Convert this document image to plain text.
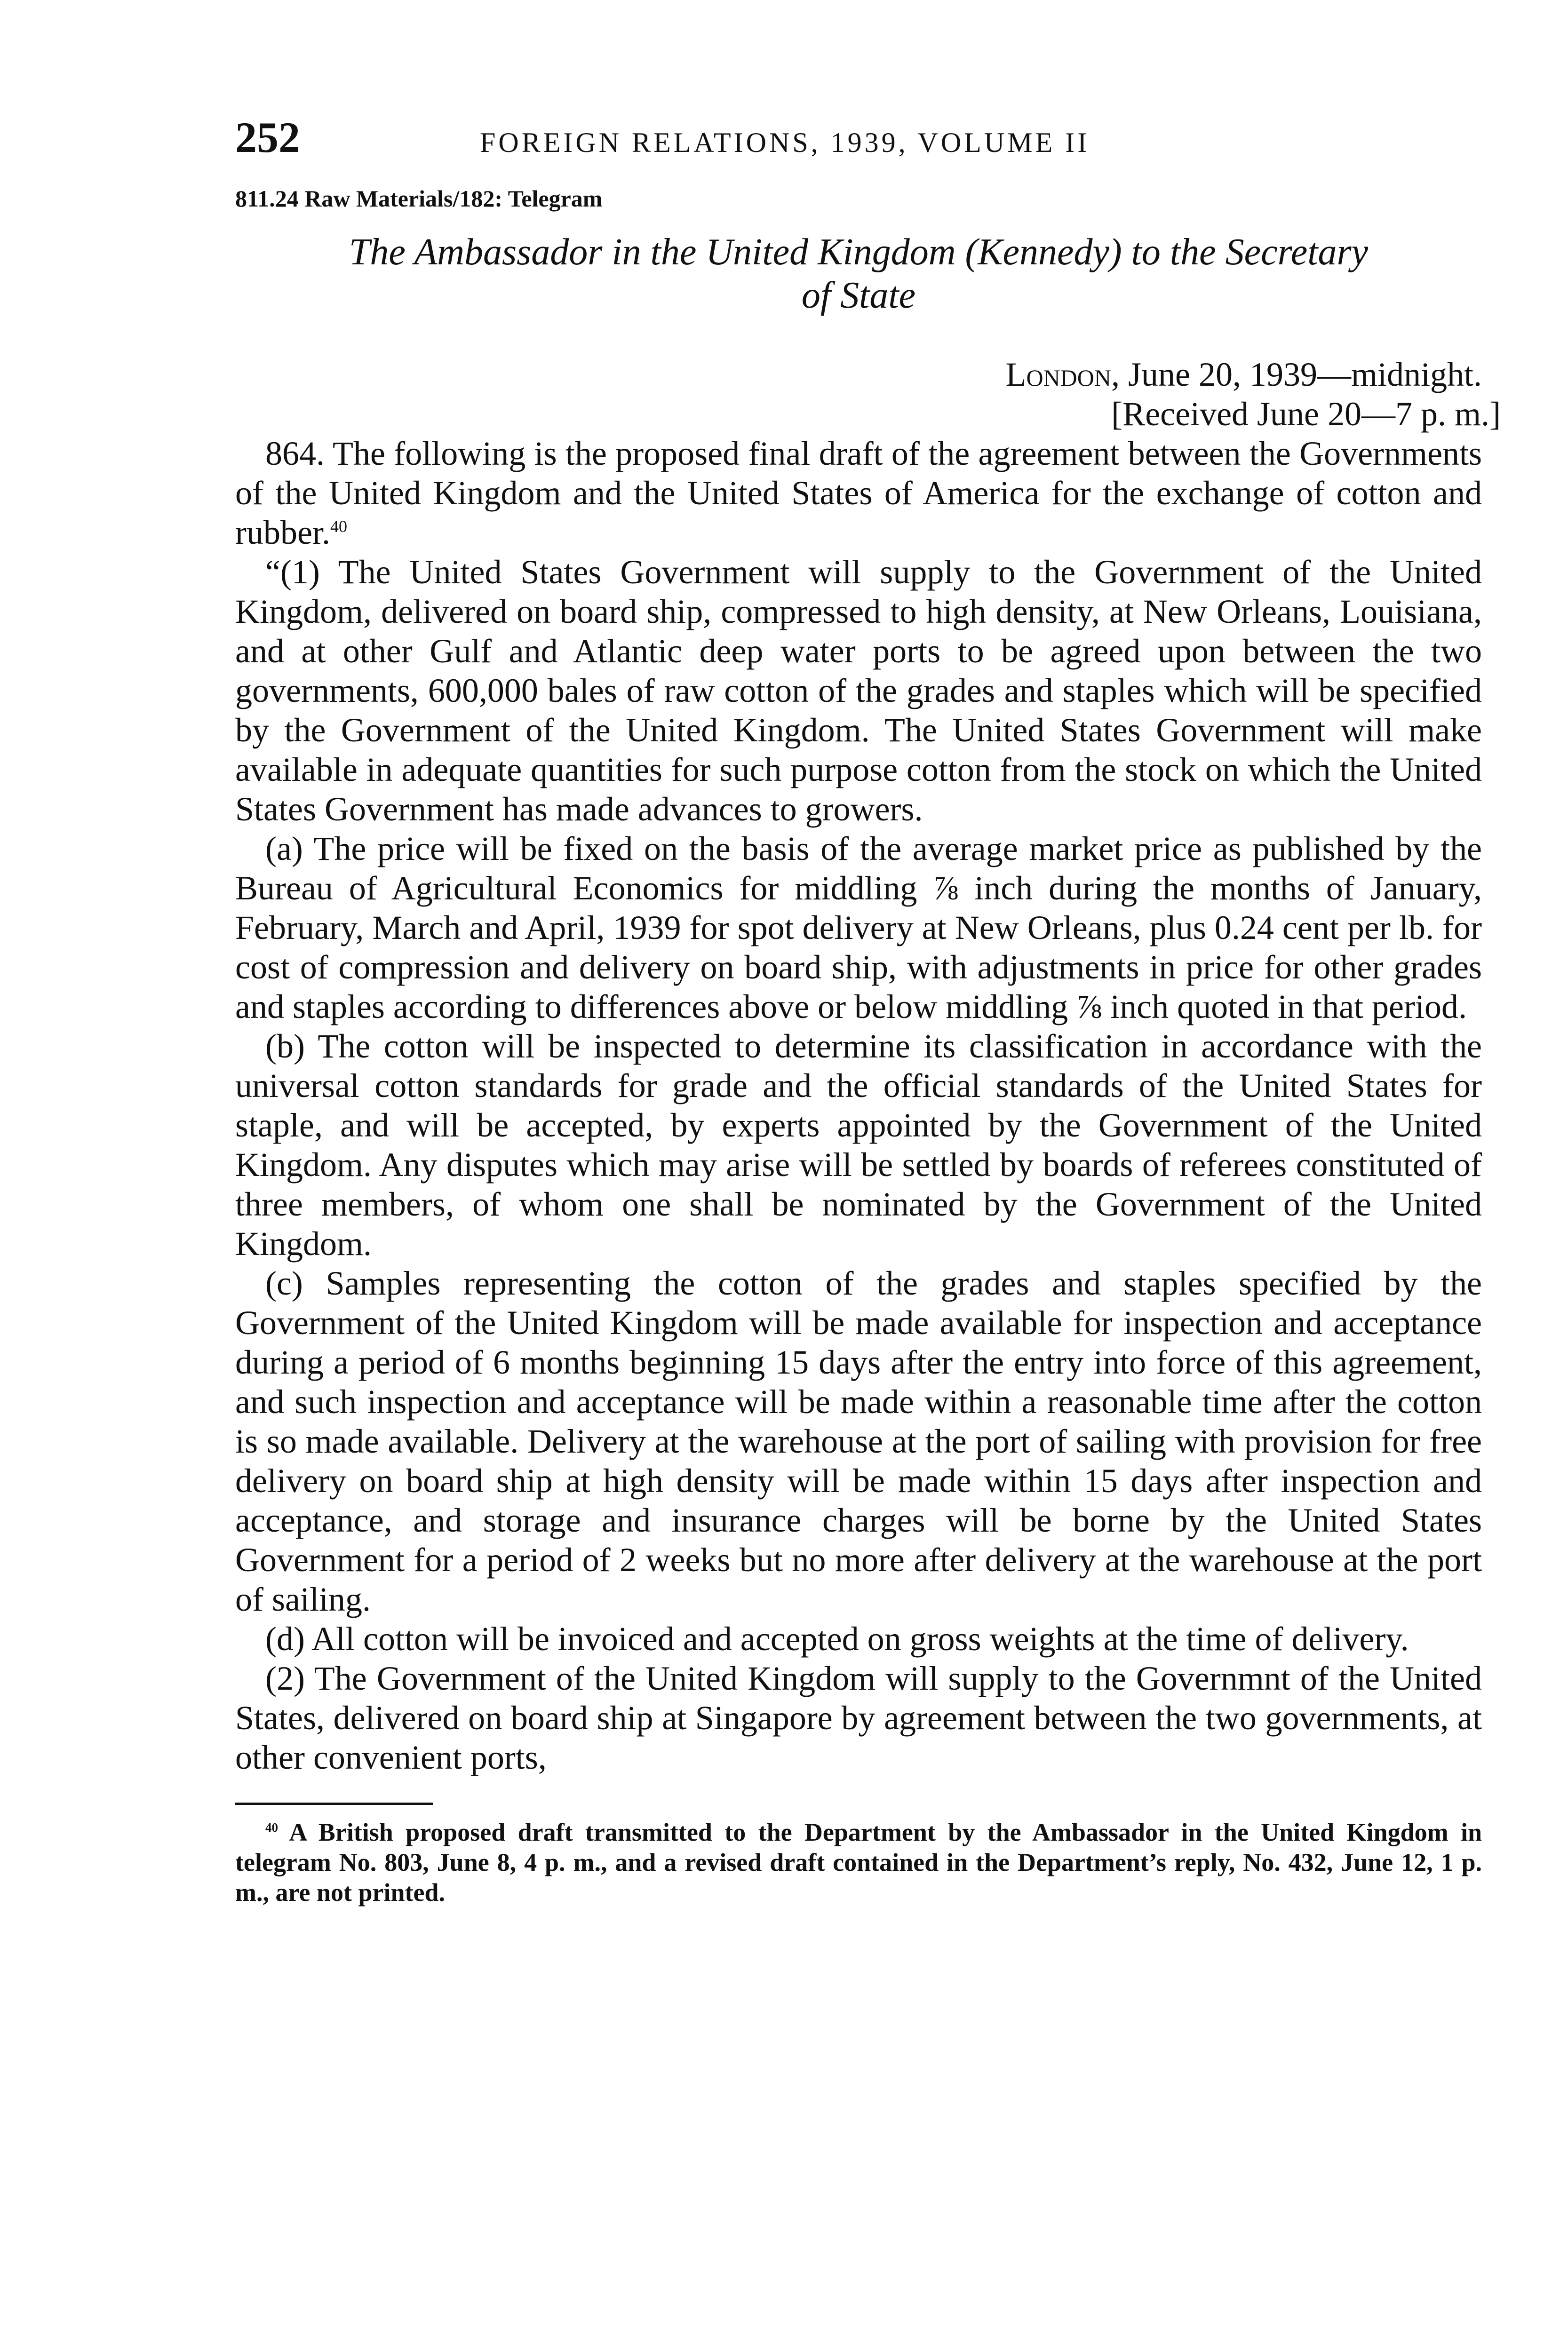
252	FOREIGN RELATIONS, 1939, VOLUME II
811.24 Raw Materials/182: Telegram
The Ambassador in the United Kingdom (Kennedy) to the Secretary
of State
London, June 20, 1939—midnight.
[Received June 20—7 p. m.]

864. The following is the proposed final draft of the agreement between the Governments of the United Kingdom and the United States of America for the exchange of cotton and rubber.$^{40}$

“(1) The United States Government will supply to the Government of the United Kingdom, delivered on board ship, compressed to high density, at New Orleans, Louisiana, and at other Gulf and Atlantic deep water ports to be agreed upon between the two governments, 600,000 bales of raw cotton of the grades and staples which will be specified by the Government of the United Kingdom. The United States Government will make available in adequate quantities for such purpose cotton from the stock on which the United States Government has made advances to growers.

(a) The price will be fixed on the basis of the average market price as published by the Bureau of Agricultural Economics for middling ⅞ inch during the months of January, February, March and April, 1939 for spot delivery at New Orleans, plus 0.24 cent per lb. for cost of compression and delivery on board ship, with adjustments in price for other grades and staples according to differences above or below middling ⅞ inch quoted in that period.

(b) The cotton will be inspected to determine its classification in accordance with the universal cotton standards for grade and the official standards of the United States for staple, and will be accepted, by experts appointed by the Government of the United Kingdom. Any disputes which may arise will be settled by boards of referees constituted of three members, of whom one shall be nominated by the Government of the United Kingdom.

(c) Samples representing the cotton of the grades and staples specified by the Government of the United Kingdom will be made available for inspection and acceptance during a period of 6 months beginning 15 days after the entry into force of this agreement, and such inspection and acceptance will be made within a reasonable time after the cotton is so made available. Delivery at the warehouse at the port of sailing with provision for free delivery on board ship at high density will be made within 15 days after inspection and acceptance, and storage and insurance charges will be borne by the United States Government for a period of 2 weeks but no more after delivery at the warehouse at the port of sailing.

(d) All cotton will be invoiced and accepted on gross weights at the time of delivery.

(2) The Government of the United Kingdom will supply to the Governmnt of the United States, delivered on board ship at Singapore by agreement between the two governments, at other convenient ports,

$^{40}$ A British proposed draft transmitted to the Department by the Ambassador in the United Kingdom in telegram No. 803, June 8, 4 p. m., and a revised draft contained in the Department’s reply, No. 432, June 12, 1 p. m., are not printed.
